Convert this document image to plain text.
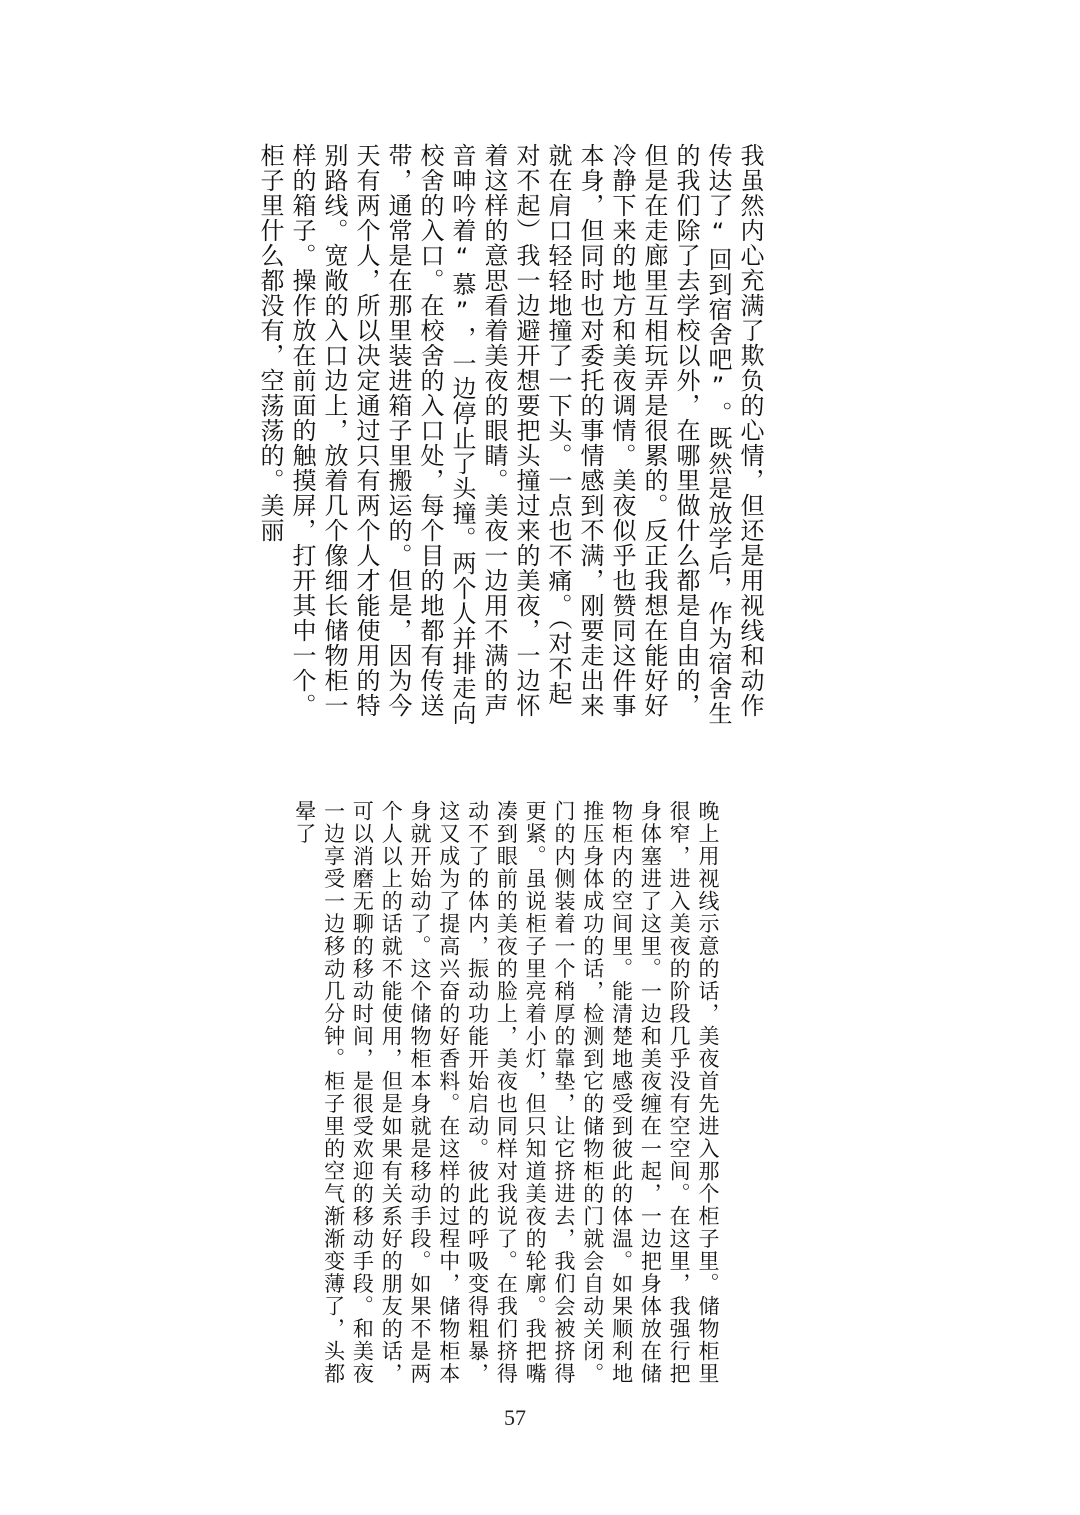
我虽然内心充满了欺负的心情，但还是用视线和动作
传达了“回到宿舍吧”。既然是放学后，作为宿舍生
的我们除了去学校以外，在哪里做什么都是自由的，
但是在走廊里互相玩弄是很累的。反正我想在能好好
冷静下来的地方和美夜调情。美夜似乎也赞同这件事
本身，但同时也对委托的事情感到不满，刚要走出来
就在肩口轻轻地撞了一下头。一点也不痛。（对不起
对不起）我一边避开想要把头撞过来的美夜，一边怀
着这样的意思看着美夜的眼睛。美夜一边用不满的声
音呻吟着“慕”，一边停止了头撞。两个人并排走向
校舍的入口。在校舍的入口处，每个目的地都有传送
带，通常是在那里装进箱子里搬运的。但是，因为今
天有两个人，所以决定通过只有两个人才能使用的特
别路线。宽敞的入口边上，放着几个像细长储物柜一
样的箱子。操作放在前面的触摸屏，打开其中一个。
柜子里什么都没有，空荡荡的。美丽
晚上用视线示意的话，美夜首先进入那个柜子里。储物柜里
很窄，进入美夜的阶段几乎没有空空间。在这里，我强行把
身体塞进了这里。一边和美夜缠在一起，一边把身体放在储
物柜内的空间里。能清楚地感受到彼此的体温。如果顺利地
推压身体成功的话，检测到它的储物柜的门就会自动关闭。
门的内侧装着一个稍厚的靠垫，让它挤进去，我们会被挤得
更紧。虽说柜子里亮着小灯，但只知道美夜的轮廓。我把嘴
凑到眼前的美夜的脸上，美夜也同样对我说了。在我们挤得
动不了的体内，振动功能开始启动。彼此的呼吸变得粗暴，
这又成为了提高兴奋的好香料。在这样的过程中，储物柜本
身就开始动了。这个储物柜本身就是移动手段。如果不是两
个人以上的话就不能使用，但是如果有关系好的朋友的话，
可以消磨无聊的移动时间，是很受欢迎的移动手段。和美夜
一边享受一边移动几分钟。柜子里的空气渐渐变薄了，头都
晕了
57
